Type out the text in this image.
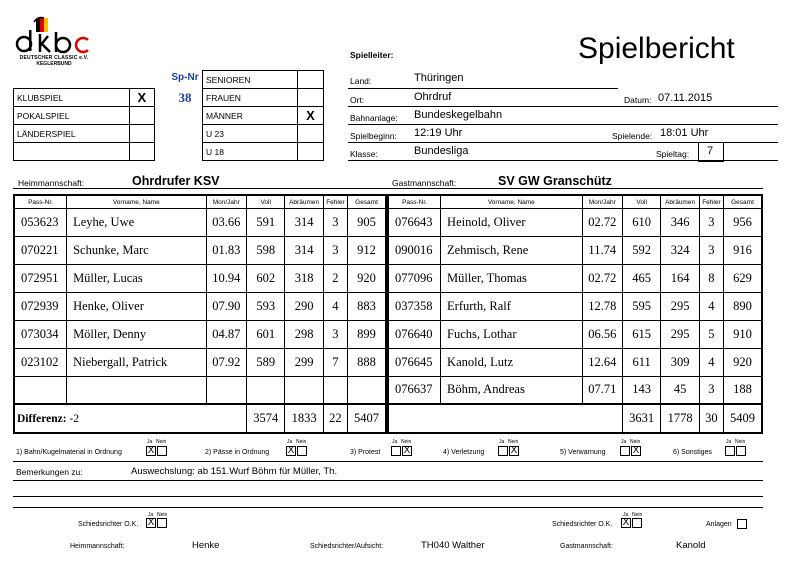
DEUTSCHER CLASSIC e.V.
KEGLERBUND
Spielleiter:	Spielbericht
KLUBSPIEL	X
POKALSPIEL	
LÄNDERSPIEL	

Sp-Nr
38
SENIOREN	
FRAUEN	
MÄNNER	X
U 23	
U 18	
Land:	Thüringen
Ort:	Ohrdruf	Datum: 07.11.2015
Bahnanlage: Bundeskegelbahn
Spielbeginn: 12:19 Uhr	Spielende: 18:01 Uhr
Klasse:	Bundesliga	Spieltag: 7
Heimmannschaft:	Ohrdrufer KSV	Gastmannschaft:	SV GW Granschütz
Pass-Nr.	Vorname, Name	Mon/Jahr	Voll	Abräumen	Fehler	Gesamt
053623	Leyhe, Uwe	03.66	591	314	3	905
070221	Schunke, Marc	01.83	598	314	3	912
072951	Müller, Lucas	10.94	602	318	2	920
072939	Henke, Oliver	07.90	593	290	4	883
073034	Möller, Denny	04.87	601	298	3	899
023102	Niebergall, Patrick	07.92	589	299	7	888

Differenz: -2			3574	1833	22	5407
Pass-Nr.	Vorname, Name	Mon/Jahr	Voll	Abräumen	Fehler	Gesamt
076643	Heinold, Oliver	02.72	610	346	3	956
090016	Zehmisch, Rene	11.74	592	324	3	916
077096	Müller, Thomas	02.72	465	164	8	629
037358	Erfurth, Ralf	12.78	595	295	4	890
076640	Fuchs, Lothar	06.56	615	295	5	910
076645	Kanold, Lutz	12.64	611	309	4	920
076637	Böhm, Andreas	07.71	143	45	3	188
			3631	1778	30	5409
1) Bahn/Kugelmaterial in Ordnung
Ja Nein
X	2) Pässe in Ordnung
Ja Nein
X	3) Protest
Ja Nein
X	4) Verletzung
Ja Nein
X	5) Verwarnung
Ja Nein
X	6) Sonstiges
Ja Nein
Bemerkungen zu:	Auswechslung: ab 151.Wurf Böhm für Müller, Th.
Ja Nein
Schiedsrichter O.K. X
Ja Nein
Schiedsrichter O.K. X	Anlagen
Heimmannschaft:	Henke	Schiedsrichter/Aufsicht:	TH040 Walther	Gastmannschaft:	Kanold
